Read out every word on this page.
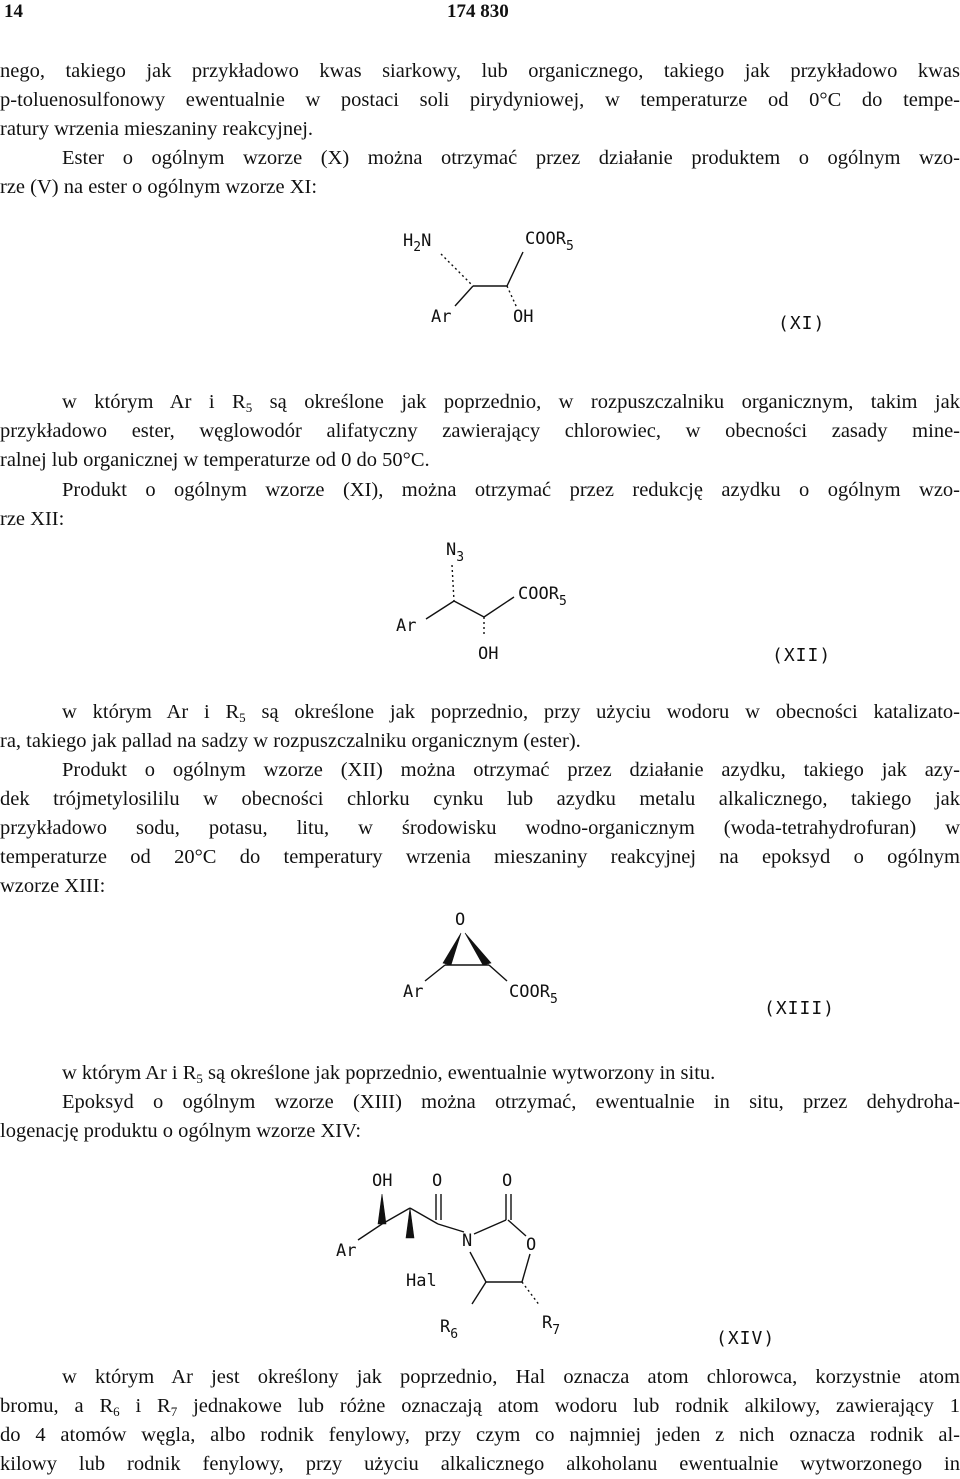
14	174 830
nego, takiego jak przykładowo kwas siarkowy, lub organicznego, takiego jak przykładowo kwas
p-toluenosulfonowy ewentualnie w postaci soli pirydyniowej, w temperaturze od 0°C do tempe-
ratury wrzenia mieszaniny reakcyjnej.
Ester o ogólnym wzorze (X) można otrzymać przez działanie produktem o ogólnym wzo-
rze (V) na ester o ogólnym wzorze XI:
$H_2N$	$COOR_5$
Ar	OH	(XI)
w którym Ar i $R_5$ są określone jak poprzednio, w rozpuszczalniku organicznym, takim jak
przykładowo ester, węglowodór alifatyczny zawierający chlorowiec, w obecności zasady mine-
ralnej lub organicznej w temperaturze od 0 do 50°C.
Produkt o ogólnym wzorze (XI), można otrzymać przez redukcję azydku o ogólnym wzo-
rze XII:
$N_3$
$COOR_5$
Ar
OH	(XII)
w którym Ar i $R_5$ są określone jak poprzednio, przy użyciu wodoru w obecności katalizato-
ra, takiego jak pallad na sadzy w rozpuszczalniku organicznym (ester).
Produkt o ogólnym wzorze (XII) można otrzymać przez działanie azydku, takiego jak azy-
dek trójmetylosililu w obecności chlorku cynku lub azydku metalu alkalicznego, takiego jak
przykładowo sodu, potasu, litu, w środowisku wodno-organicznym (woda-tetrahydrofuran) w
temperaturze od 20°C do temperatury wrzenia mieszaniny reakcyjnej na epoksyd o ogólnym
wzorze XIII:
O
Ar	$COOR_5$	(XIII)
w którym Ar i $R_5$ są określone jak poprzednio, ewentualnie wytworzony in situ.
Epoksyd o ogólnym wzorze (XIII) można otrzymać, ewentualnie in situ, przez dehydroha-
logenację produktu o ogólnym wzorze XIV:
OH O	O
N	O
Ar
Hal
$R_6$
$R_7$	(XIV)
w którym Ar jest określony jak poprzednio, Hal oznacza atom chlorowca, korzystnie atom
bromu, a $R_6$ i $R_7$ jednakowe lub różne oznaczają atom wodoru lub rodnik alkilowy, zawierający 1
do 4 atomów węgla, albo rodnik fenylowy, przy czym co najmniej jeden z nich oznacza rodnik al-
kilowy lub rodnik fenylowy, przy użyciu alkalicznego alkoholanu ewentualnie wytworzonego in
